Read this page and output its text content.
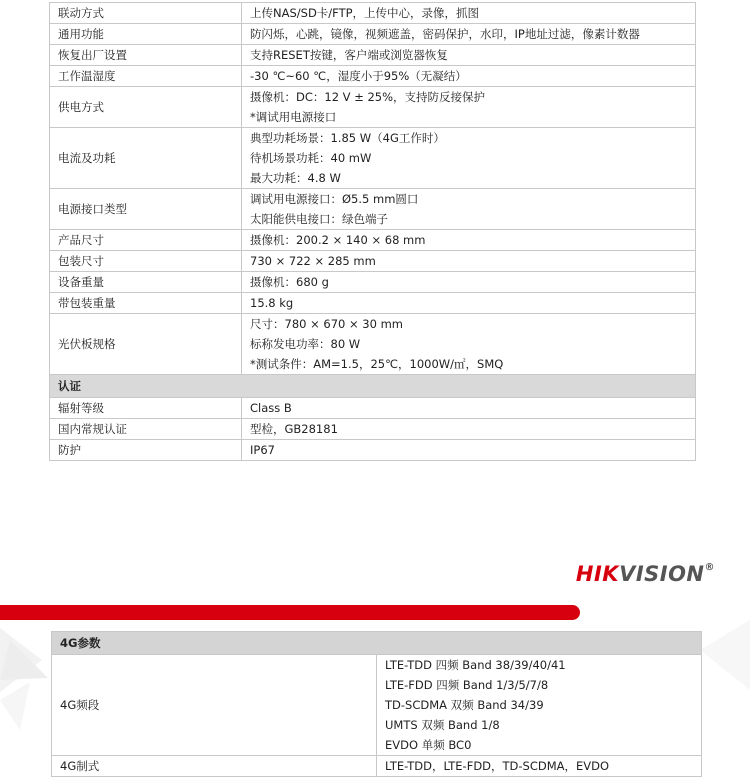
联动方式	上传NAS/SD卡/FTP，上传中心，录像，抓图

通用功能	防闪烁，心跳，镜像，视频遮盖，密码保护，水印，IP地址过滤，像素计数器

恢复出厂设置	支持RESET按键，客户端或浏览器恢复

工作温湿度	-30 ℃~60 ℃，湿度小于95%（无凝结）

供电方式	摄像机：DC：12 V ± 25%，支持防反接保护
*调试用电源接口

电流及功耗	典型功耗场景：1.85 W（4G工作时）
待机场景功耗：40 mW
最大功耗：4.8 W

电源接口类型	调试用电源接口：Ø5.5 mm圆口
太阳能供电接口：绿色端子

产品尺寸	摄像机：200.2 × 140 × 68 mm

包装尺寸	730 × 722 × 285 mm

设备重量	摄像机：680 g

带包装重量	15.8 kg

光伏板规格	尺寸：780 × 670 × 30 mm
标称发电功率：80 W
*测试条件：AM=1.5，25℃，1000W/㎡，SMQ

认证	
辐射等级	Class B

国内常规认证	型检，GB28181

防护	IP67
HIKVISION®
4G参数	
4G频段	LTE-TDD 四频 Band 38/39/40/41
LTE-FDD 四频 Band 1/3/5/7/8
TD-SCDMA 双频 Band 34/39
UMTS 双频 Band 1/8
EVDO 单频 BC0

4G制式	LTE-TDD，LTE-FDD，TD-SCDMA，EVDO
